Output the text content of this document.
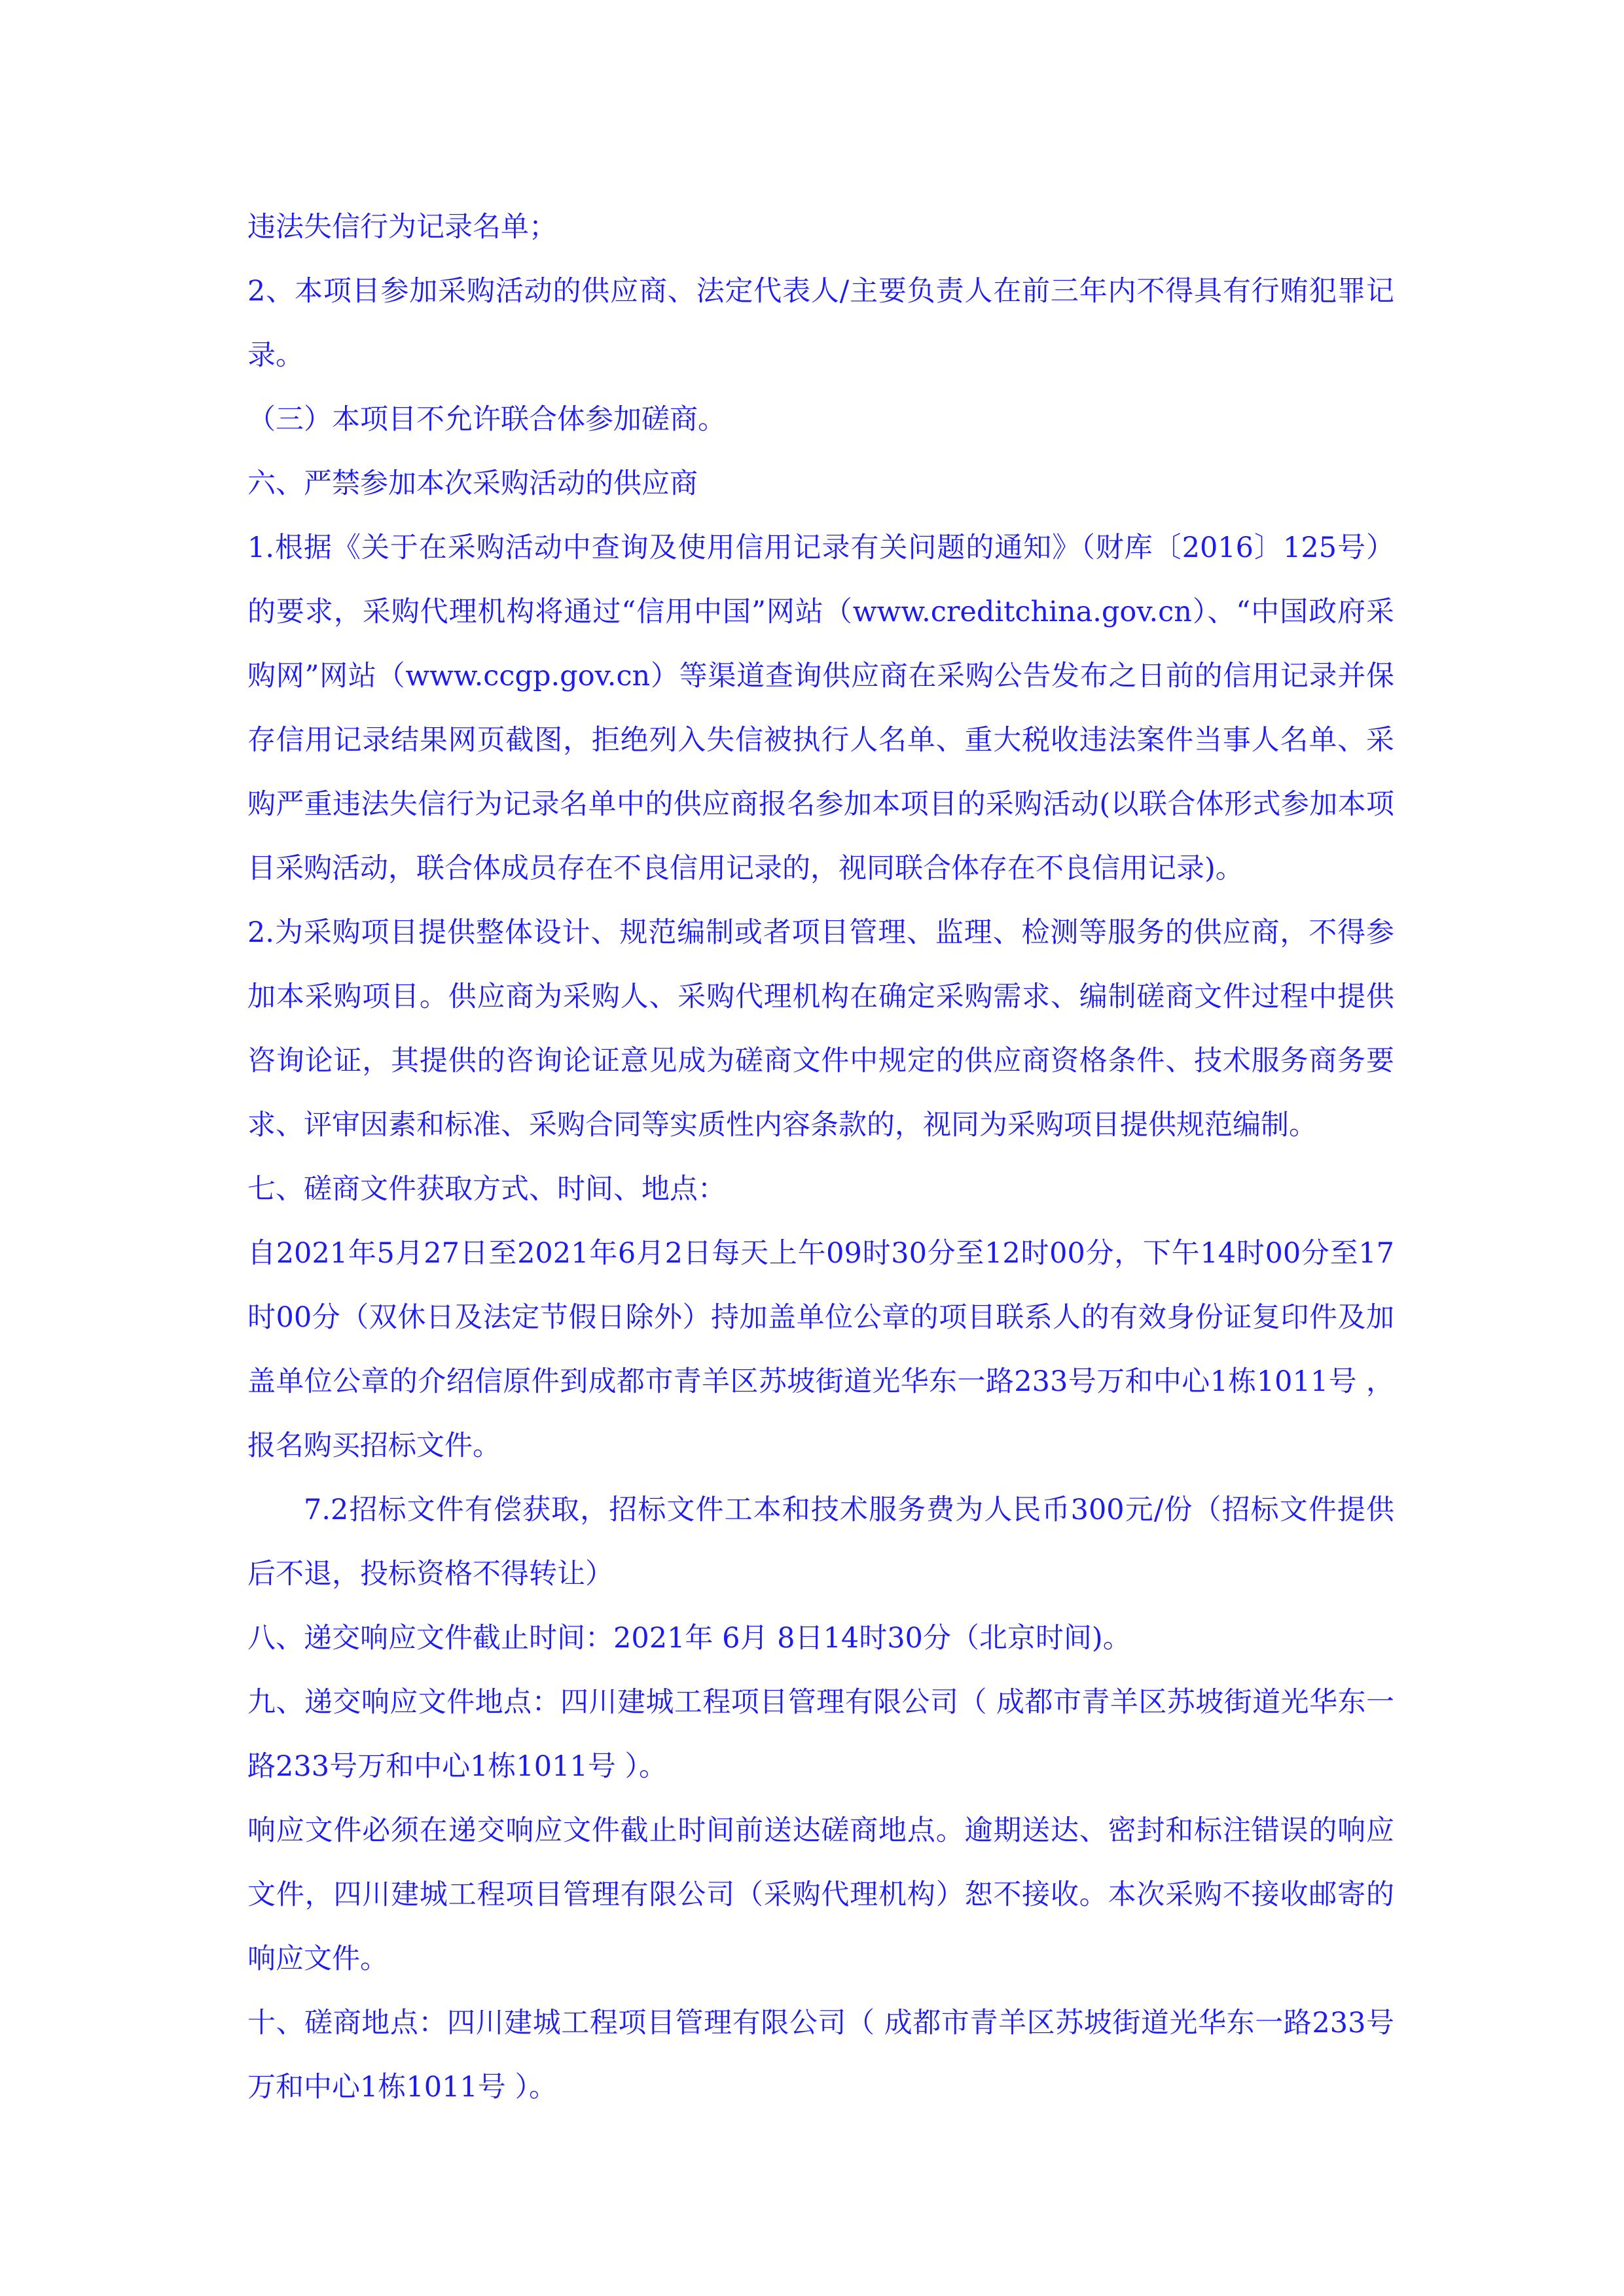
违法失信行为记录名单；

2、本项目参加采购活动的供应商、法定代表人/主要负责人在前三年内不得具有行贿犯罪记录。

（三）本项目不允许联合体参加磋商。

六、严禁参加本次采购活动的供应商

1.根据《关于在采购活动中查询及使用信用记录有关问题的通知》（财库〔2016〕125号）的要求，采购代理机构将通过“信用中国”网站（www.creditchina.gov.cn）、“中国政府采购网”网站（www.ccgp.gov.cn）等渠道查询供应商在采购公告发布之日前的信用记录并保存信用记录结果网页截图，拒绝列入失信被执行人名单、重大税收违法案件当事人名单、采购严重违法失信行为记录名单中的供应商报名参加本项目的采购活动(以联合体形式参加本项目采购活动，联合体成员存在不良信用记录的，视同联合体存在不良信用记录)。

2.为采购项目提供整体设计、规范编制或者项目管理、监理、检测等服务的供应商，不得参加本采购项目。供应商为采购人、采购代理机构在确定采购需求、编制磋商文件过程中提供咨询论证，其提供的咨询论证意见成为磋商文件中规定的供应商资格条件、技术服务商务要求、评审因素和标准、采购合同等实质性内容条款的，视同为采购项目提供规范编制。

七、磋商文件获取方式、时间、地点：

自2021年5月27日至2021年6月2日每天上午09时30分至12时00分，下午14时00分至17时00分（双休日及法定节假日除外）持加盖单位公章的项目联系人的有效身份证复印件及加盖单位公章的介绍信原件到成都市青羊区苏坡街道光华东一路233号万和中心1栋1011号 ，报名购买招标文件。

7.2招标文件有偿获取，招标文件工本和技术服务费为人民币300元/份（招标文件提供后不退，投标资格不得转让）

八、递交响应文件截止时间：2021年 6月 8日14时30分（北京时间)。

九、递交响应文件地点：四川建城工程项目管理有限公司（ 成都市青羊区苏坡街道光华东一路233号万和中心1栋1011号 ）。

响应文件必须在递交响应文件截止时间前送达磋商地点。逾期送达、密封和标注错误的响应文件，四川建城工程项目管理有限公司（采购代理机构）恕不接收。本次采购不接收邮寄的响应文件。

十、磋商地点：四川建城工程项目管理有限公司（ 成都市青羊区苏坡街道光华东一路233号万和中心1栋1011号 ）。
